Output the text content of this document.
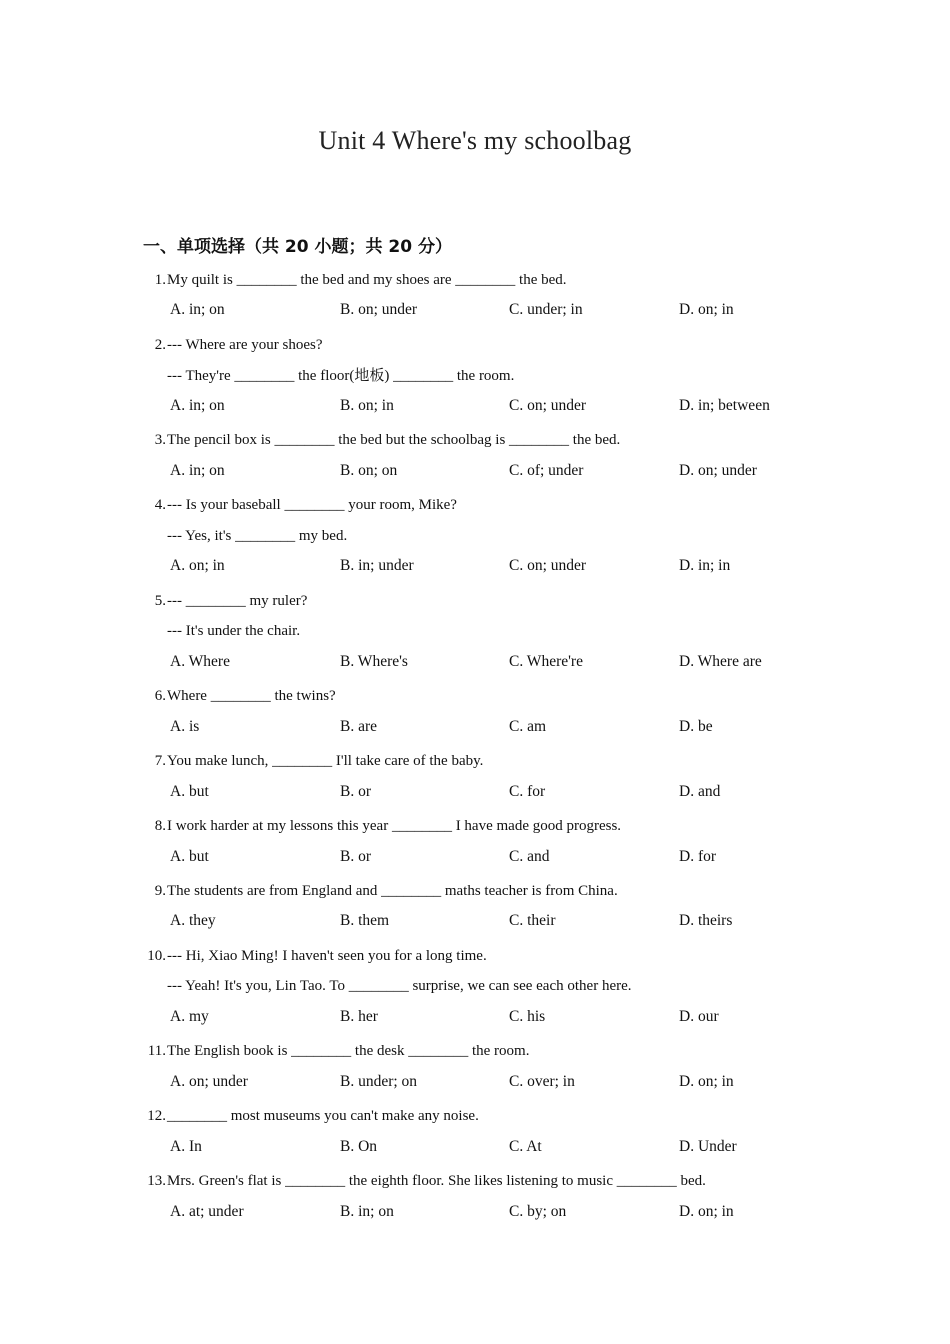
Unit 4 Where's my schoolbag
一、单项选择（共 20 小题；共 20 分）
1. My quilt is ________ the bed and my shoes are ________ the bed.
A. in; on	B. on; under	C. under; in	D. on; in
2. --- Where are your shoes?
--- They're ________ the floor(地板) ________ the room.
A. in; on	B. on; in	C. on; under	D. in; between
3. The pencil box is ________ the bed but the schoolbag is ________ the bed.
A. in; on	B. on; on	C. of; under	D. on; under
4. --- Is your baseball ________ your room, Mike?
--- Yes, it's ________ my bed.
A. on; in	B. in; under	C. on; under	D. in; in
5. --- ________ my ruler?
--- It's under the chair.
A. Where	B. Where's	C. Where're	D. Where are
6. Where ________ the twins?
A. is	B. are	C. am	D. be
7. You make lunch, ________ I'll take care of the baby.
A. but	B. or	C. for	D. and
8. I work harder at my lessons this year ________ I have made good progress.
A. but	B. or	C. and	D. for
9. The students are from England and ________ maths teacher is from China.
A. they	B. them	C. their	D. theirs
10. --- Hi, Xiao Ming! I haven't seen you for a long time.
--- Yeah! It's you, Lin Tao. To ________ surprise, we can see each other here.
A. my	B. her	C. his	D. our
11. The English book is ________ the desk ________ the room.
A. on; under	B. under; on	C. over; in	D. on; in
12. ________ most museums you can't make any noise.
A. In	B. On	C. At	D. Under
13. Mrs. Green's flat is ________ the eighth floor. She likes listening to music ________ bed.
A. at; under	B. in; on	C. by; on	D. on; in
